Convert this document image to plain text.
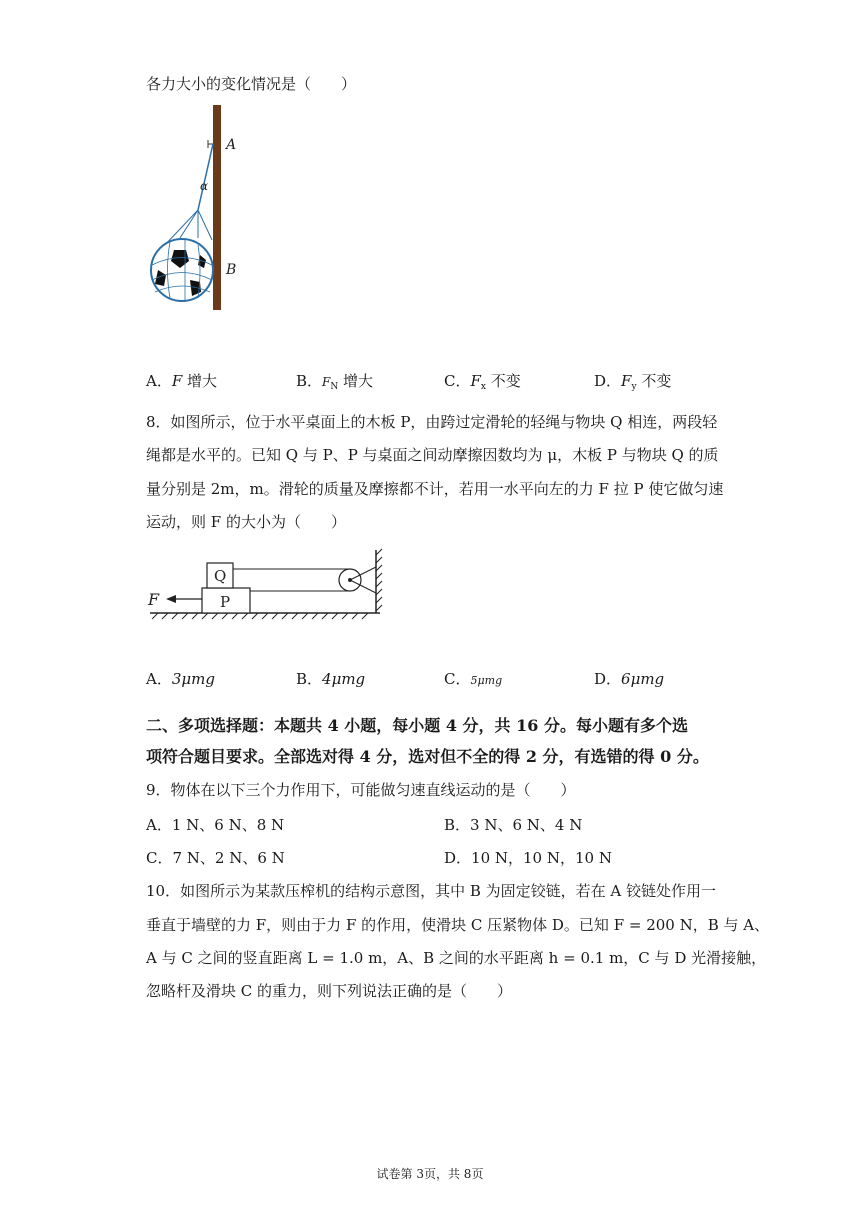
各力大小的变化情况是（　　）
A
α
B
A．F 增大	B．$F_N$ 增大	C．$F_x$ 不变	D．$F_y$ 不变
8．如图所示，位于水平桌面上的木板 P，由跨过定滑轮的轻绳与物块 Q 相连，两段轻
绳都是水平的。已知 Q 与 P、P 与桌面之间动摩擦因数均为 μ，木板 P 与物块 Q 的质
量分别是 2m，m。滑轮的质量及摩擦都不计，若用一水平向左的力 F 拉 P 使它做匀速
运动，则 F 的大小为（　　）
Q
P
F
A．3μmg	B．4μmg	C．5μmg	D．6μmg
二、多项选择题：本题共 4 小题，每小题 4 分，共 16 分。每小题有多个选
项符合题目要求。全部选对得 4 分，选对但不全的得 2 分，有选错的得 0 分。
9．物体在以下三个力作用下，可能做匀速直线运动的是（　　）
A．1 N、6 N、8 N	B．3 N、6 N、4 N
C．7 N、2 N、6 N	D．10 N，10 N，10 N
10．如图所示为某款压榨机的结构示意图，其中 B 为固定铰链，若在 A 铰链处作用一
垂直于墙壁的力 F，则由于力 F 的作用，使滑块 C 压紧物体 D。已知 F = 200 N，B 与 A、
A 与 C 之间的竖直距离 L = 1.0 m，A、B 之间的水平距离 h = 0.1 m，C 与 D 光滑接触，
忽略杆及滑块 C 的重力，则下列说法正确的是（　　）
试卷第 3页，共 8页
